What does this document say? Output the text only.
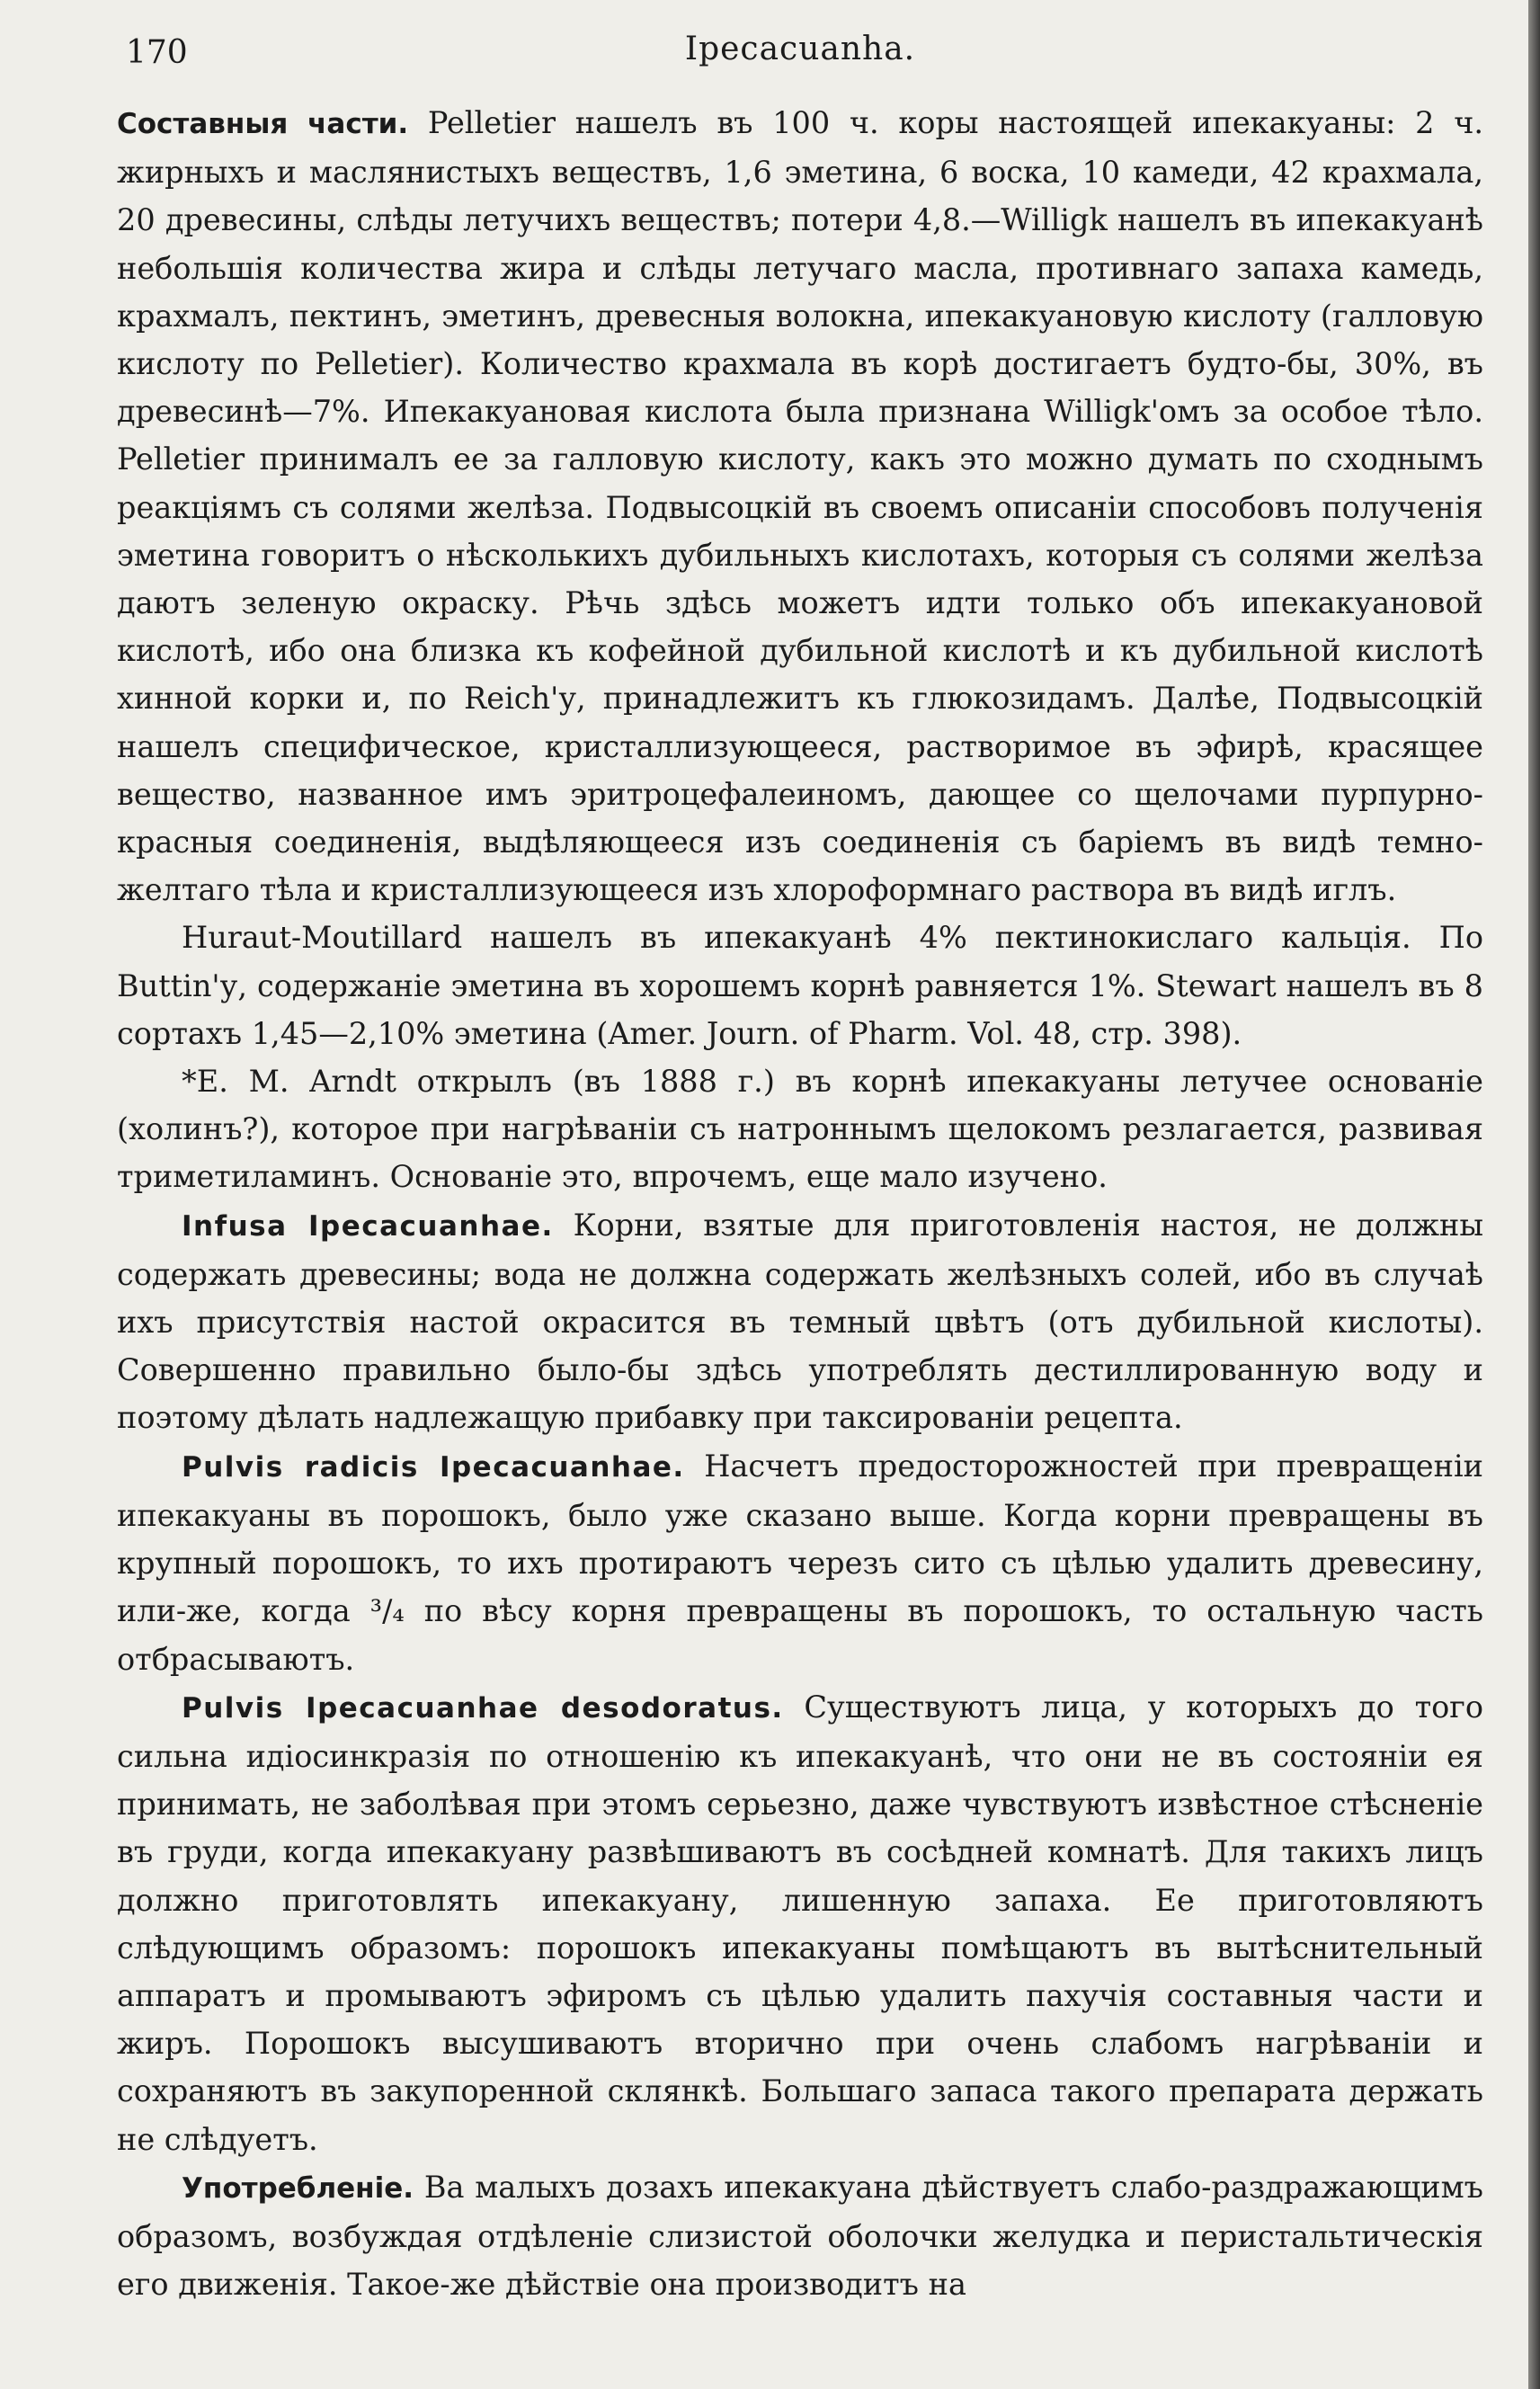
170	Ipecacuanha.

Составныя части. Pelletier нашелъ въ 100 ч. коры настоящей ипекакуаны: 2 ч. жирныхъ и маслянистыхъ веществъ, 1,6 эметина, 6 воска, 10 камеди, 42 крахмала, 20 древесины, слѣды летучихъ веществъ; потери 4,8.—Willigk нашелъ въ ипекакуанѣ небольшія количества жира и слѣды летучаго масла, противнаго запаха камедь, крахмалъ, пектинъ, эметинъ, древесныя волокна, ипекакуановую кислоту (галловую кислоту по Pelletier). Количество крахмала въ корѣ достигаетъ будто-бы, 30%, въ древесинѣ—7%. Ипекакуановая кислота была признана Willigk'омъ за особое тѣло. Pelletier принималъ ее за галловую кислоту, какъ это можно думать по сходнымъ реакціямъ съ солями желѣза. Подвысоцкій въ своемъ описаніи способовъ полученія эметина говоритъ о нѣсколькихъ дубильныхъ кислотахъ, которыя съ солями желѣза даютъ зеленую окраску. Рѣчь здѣсь можетъ идти только объ ипекакуановой кислотѣ, ибо она близка къ кофейной дубильной кислотѣ и къ дубильной кислотѣ хинной корки и, по Reich'у, принадлежитъ къ глюкозидамъ. Далѣе, Подвысоцкій нашелъ специфическое, кристаллизующееся, растворимое въ эфирѣ, красящее вещество, названное имъ эритроцефалеиномъ, дающее со щелочами пурпурно-красныя соединенія, выдѣляющееся изъ соединенія съ баріемъ въ видѣ темно-желтаго тѣла и кристаллизующееся изъ хлороформнаго раствора въ видѣ иглъ.

Huraut-Moutillard нашелъ въ ипекакуанѣ 4% пектинокислаго кальція. По Buttin'у, содержаніе эметина въ хорошемъ корнѣ равняется 1%. Stewart нашелъ въ 8 сортахъ 1,45—2,10% эметина (Amer. Journ. of Pharm. Vol. 48, стр. 398).

*E. M. Arndt открылъ (въ 1888 г.) въ корнѣ ипекакуаны летучее основаніе (холинъ?), которое при нагрѣваніи съ натроннымъ щелокомъ резлагается, развивая триметиламинъ. Основаніе это, впрочемъ, еще мало изучено.

Infusa Ipecacuanhae. Корни, взятые для приготовленія настоя, не должны содержать древесины; вода не должна содержать желѣзныхъ солей, ибо въ случаѣ ихъ присутствія настой окрасится въ темный цвѣтъ (отъ дубильной кислоты). Совершенно правильно было-бы здѣсь употреблять дестиллированную воду и поэтому дѣлать надлежащую прибавку при таксированіи рецепта.

Pulvis radicis Ipecacuanhae. Насчетъ предосторожностей при превращеніи ипекакуаны въ порошокъ, было уже сказано выше. Когда корни превращены въ крупный порошокъ, то ихъ протираютъ черезъ сито съ цѣлью удалить древесину, или-же, когда ³/₄ по вѣсу корня превращены въ порошокъ, то остальную часть отбрасываютъ.

Pulvis Ipecacuanhae desodoratus. Существуютъ лица, у которыхъ до того сильна идіосинкразія по отношенію къ ипекакуанѣ, что они не въ состояніи ея принимать, не заболѣвая при этомъ серьезно, даже чувствуютъ извѣстное стѣсненіе въ груди, когда ипекакуану развѣшиваютъ въ сосѣдней комнатѣ. Для такихъ лицъ должно приготовлять ипекакуану, лишенную запаха. Ее приготовляютъ слѣдующимъ образомъ: порошокъ ипекакуаны помѣщаютъ въ вытѣснительный аппаратъ и промываютъ эфиромъ съ цѣлью удалить пахучія составныя части и жиръ. Порошокъ высушиваютъ вторично при очень слабомъ нагрѣваніи и сохраняютъ въ закупоренной склянкѣ. Большаго запаса такого препарата держать не слѣдуетъ.

Употребленіе. Ва малыхъ дозахъ ипекакуана дѣйствуетъ слабо-раздражающимъ образомъ, возбуждая отдѣленіе слизистой оболочки желудка и перистальтическія его движенія. Такое-же дѣйствіе она производитъ на
